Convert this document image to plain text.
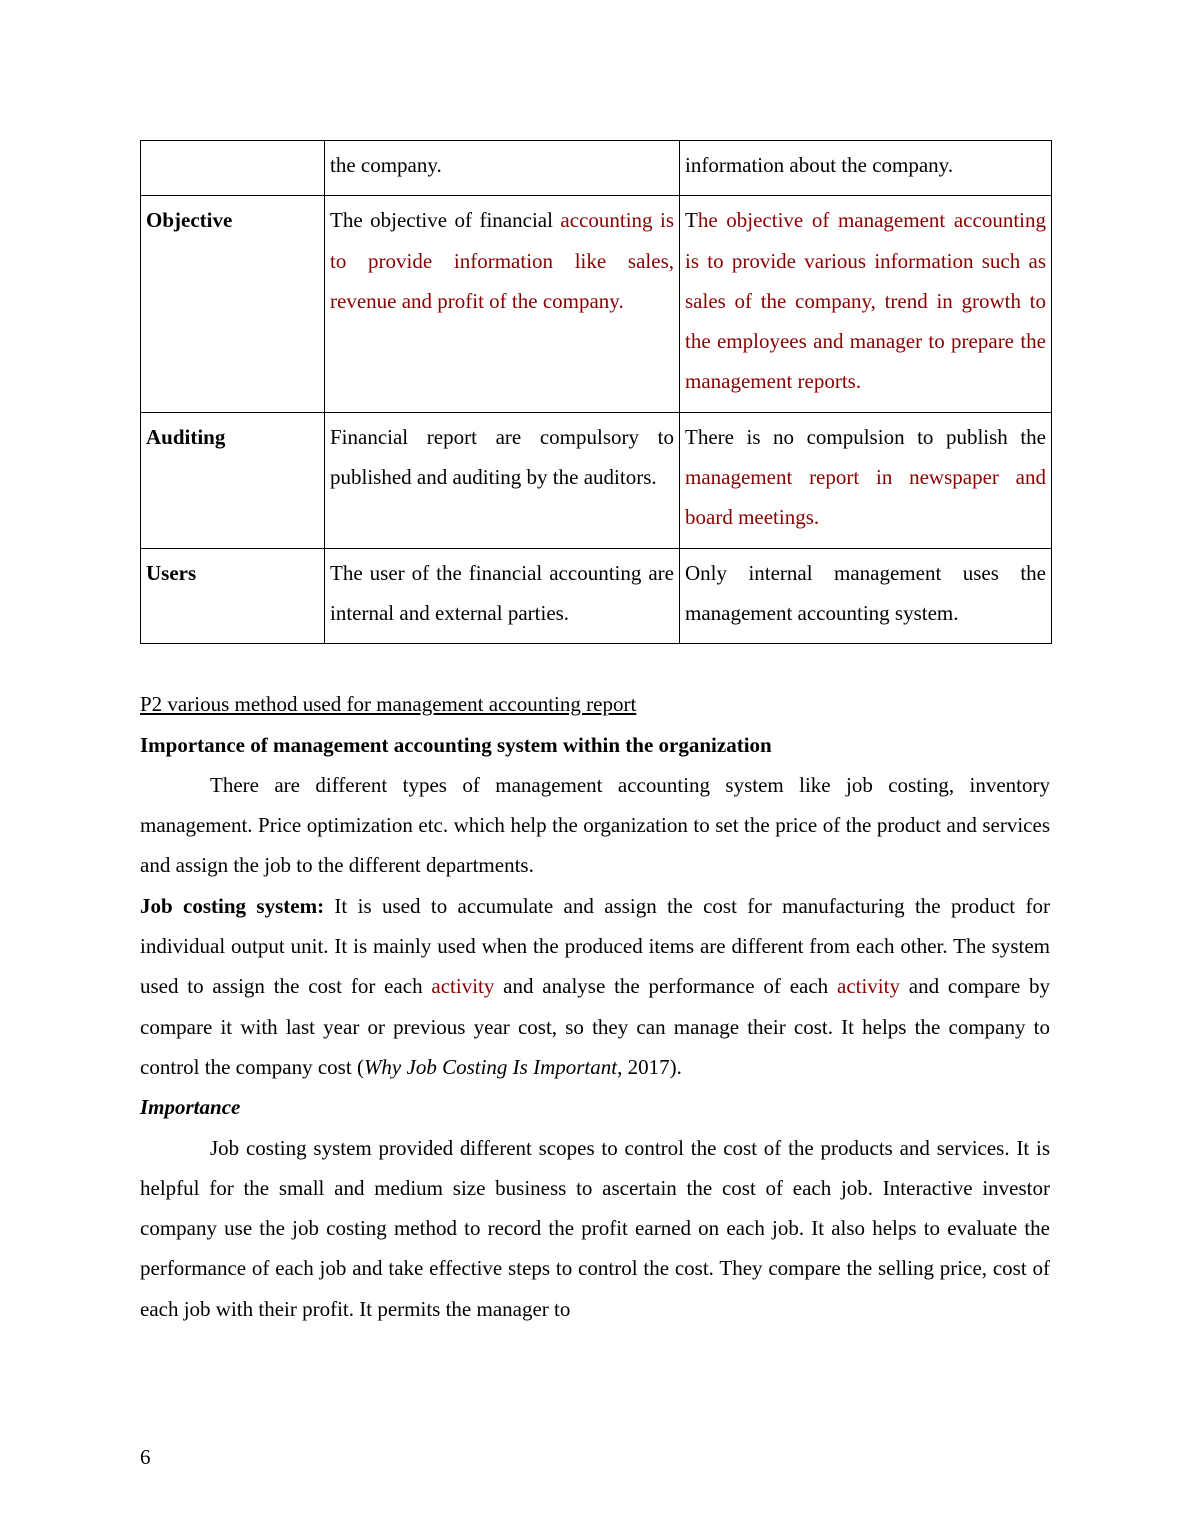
	the company.	information about the company.
Objective	The objective of financial accounting is to provide information like sales, revenue and profit of the company.	The objective of management accounting is to provide various information such as sales of the company, trend in growth to the employees and manager to prepare the management reports.
Auditing	Financial report are compulsory to published and auditing by the auditors.	There is no compulsion to publish the management report in newspaper and board meetings.
Users	The user of the financial accounting are internal and external parties.	Only internal management uses the management accounting system.
P2 various method used for management accounting report
Importance of management accounting system within the organization

There are different types of management accounting system like job costing, inventory management. Price optimization etc. which help the organization to set the price of the product and services and assign the job to the different departments.

Job costing system: It is used to accumulate and assign the cost for manufacturing the product for individual output unit. It is mainly used when the produced items are different from each other. The system used to assign the cost for each activity and analyse the performance of each activity and compare by compare it with last year or previous year cost, so they can manage their cost. It helps the company to control the company cost (Why Job Costing Is Important, 2017).

Importance

Job costing system provided different scopes to control the cost of the products and services. It is helpful for the small and medium size business to ascertain the cost of each job. Interactive investor company use the job costing method to record the profit earned on each job. It also helps to evaluate the performance of each job and take effective steps to control the cost. They compare the selling price, cost of each job with their profit. It permits the manager to

6
